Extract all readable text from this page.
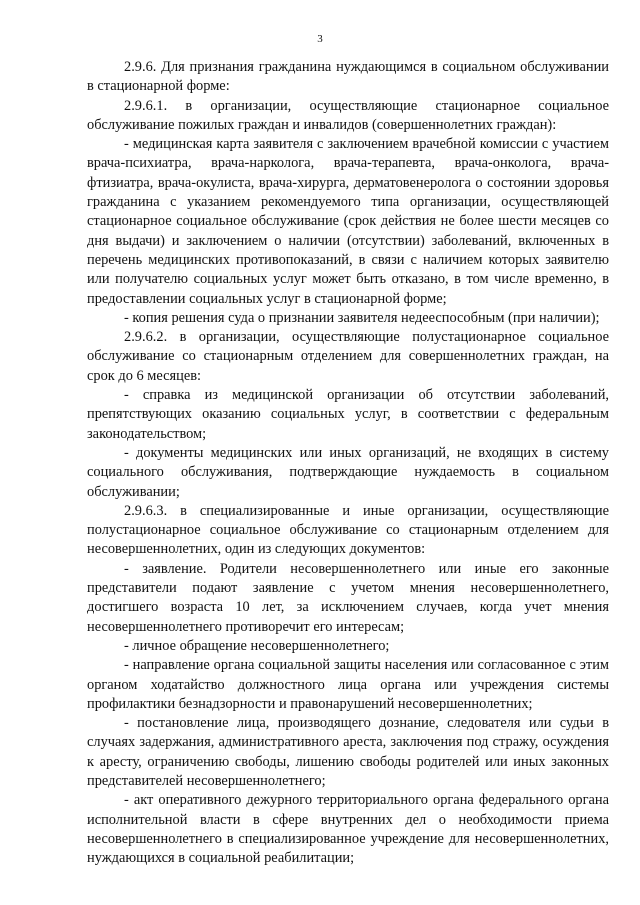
3

2.9.6. Для признания гражданина нуждающимся в социальном обслуживании в стационарной форме:

2.9.6.1. в организации, осуществляющие стационарное социальное обслуживание пожилых граждан и инвалидов (совершеннолетних граждан):

- медицинская карта заявителя с заключением врачебной комиссии с участием врача-психиатра, врача-нарколога, врача-терапевта, врача-онколога, врача-фтизиатра, врача-окулиста, врача-хирурга, дерматовенеролога о состоянии здоровья гражданина с указанием рекомендуемого типа организации, осуществляющей стационарное социальное обслуживание (срок действия не более шести месяцев со дня выдачи) и заключением о наличии (отсутствии) заболеваний, включенных в перечень медицинских противопоказаний, в связи с наличием которых заявителю или получателю социальных услуг может быть отказано, в том числе временно, в предоставлении социальных услуг в стационарной форме;

- копия решения суда о признании заявителя недееспособным (при наличии);

2.9.6.2. в организации, осуществляющие полустационарное социальное обслуживание со стационарным отделением для совершеннолетних граждан, на срок до 6 месяцев:

- справка из медицинской организации об отсутствии заболеваний, препятствующих оказанию социальных услуг, в соответствии с федеральным законодательством;

- документы медицинских или иных организаций, не входящих в систему социального обслуживания, подтверждающие нуждаемость в социальном обслуживании;

2.9.6.3. в специализированные и иные организации, осуществляющие полустационарное социальное обслуживание со стационарным отделением для несовершеннолетних, один из следующих документов:

- заявление. Родители несовершеннолетнего или иные его законные представители подают заявление с учетом мнения несовершеннолетнего, достигшего возраста 10 лет, за исключением случаев, когда учет мнения несовершеннолетнего противоречит его интересам;

- личное обращение несовершеннолетнего;

- направление органа социальной защиты населения или согласованное с этим органом ходатайство должностного лица органа или учреждения системы профилактики безнадзорности и правонарушений несовершеннолетних;

- постановление лица, производящего дознание, следователя или судьи в случаях задержания, административного ареста, заключения под стражу, осуждения к аресту, ограничению свободы, лишению свободы родителей или иных законных представителей несовершеннолетнего;

- акт оперативного дежурного территориального органа федерального органа исполнительной власти в сфере внутренних дел о необходимости приема несовершеннолетнего в специализированное учреждение для несовершеннолетних, нуждающихся в социальной реабилитации;
